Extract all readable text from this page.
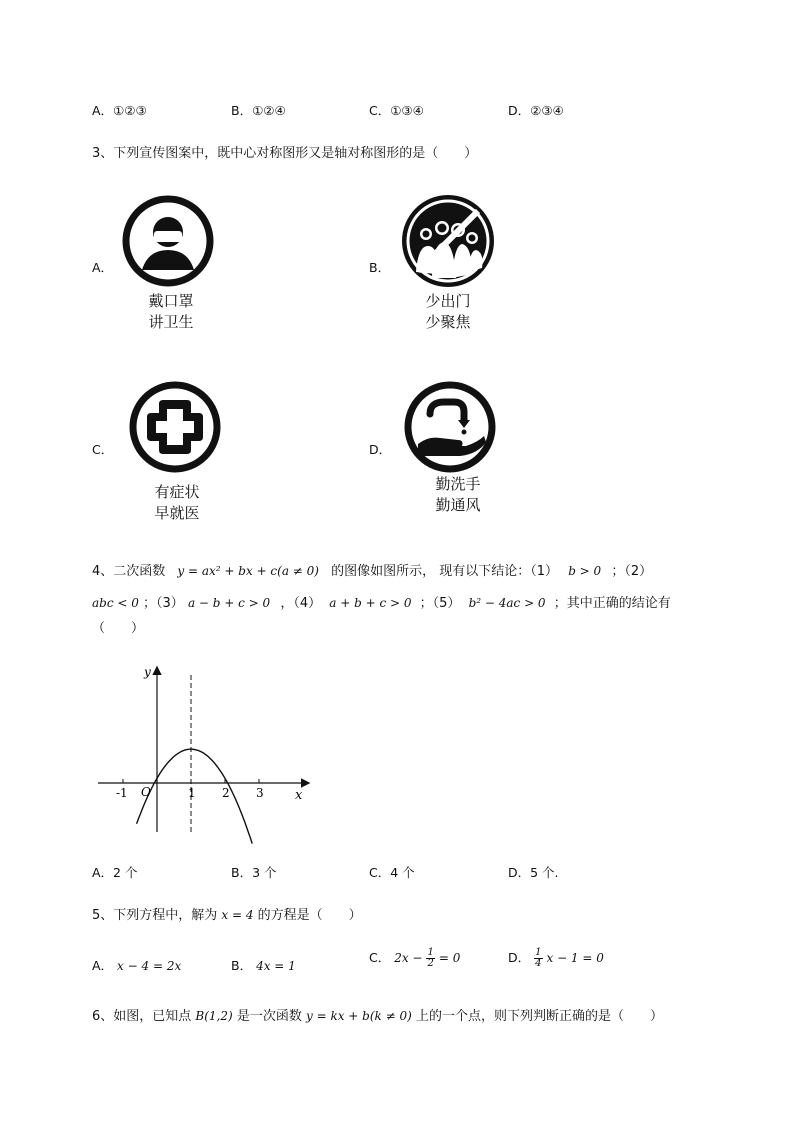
A．①②③	B．①②④	C．①③④	D．②③④
3、下列宣传图案中，既中心对称图形又是轴对称图形的是（　　）
A．
戴口罩
讲卫生
B．
少出门
少聚焦
C．
有症状
早就医
D．
勤洗手
勤通风
4、二次函数 y = ax² + bx + c(a ≠ 0) 的图像如图所示， 现有以下结论：（1） b > 0 ；（2）
abc < 0 ；（3） a − b + c > 0 ，（4） a + b + c > 0 ；（5） b² − 4ac > 0 ；其中正确的结论有
（　　）
-1	1 2 3
y
x
O
A．2 个	B．3 个	C．4 个	D．5 个.
5、下列方程中，解为 x = 4 的方程是（　　）
A． x − 4 = 2x	B． 4x = 1
C． $2x - \frac{1}{2} = 0$	D． $\frac{1}{4}$ x − 1 = 0
6、如图，已知点 B(1,2) 是一次函数 y = kx + b(k ≠ 0) 上的一个点，则下列判断正确的是（　　）
